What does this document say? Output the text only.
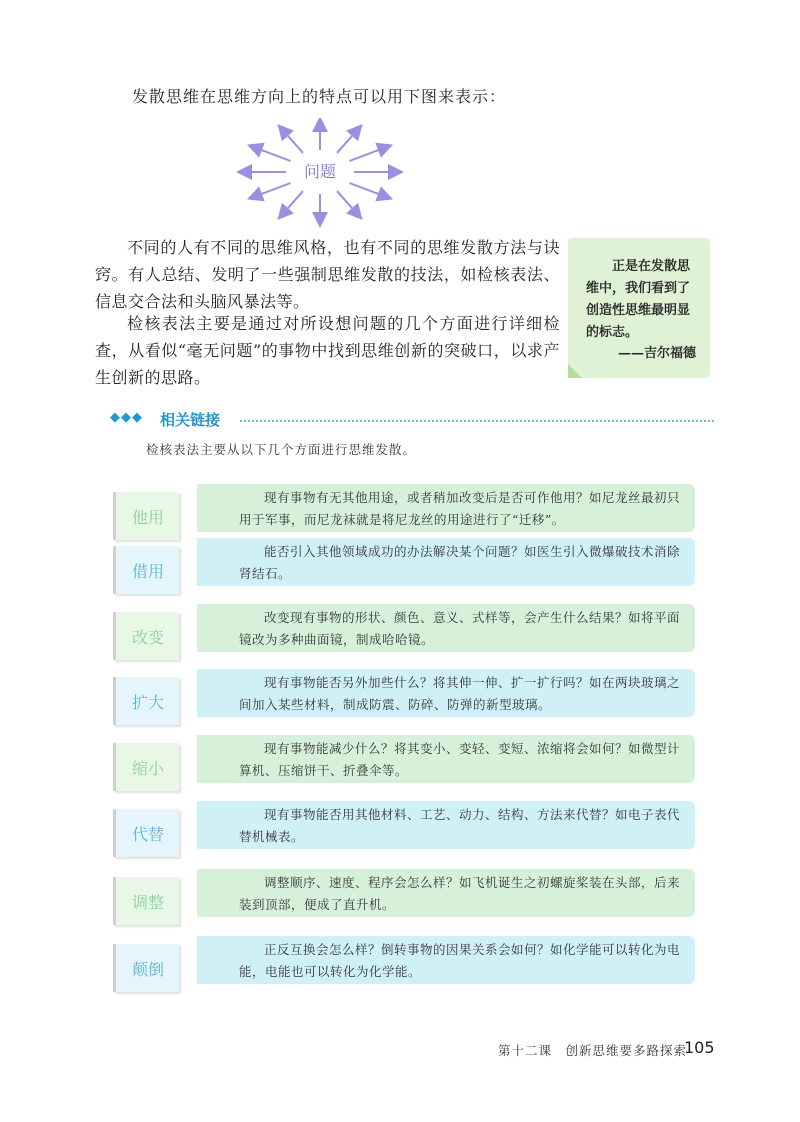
发散思维在思维方向上的特点可以用下图来表示：
问题

不同的人有不同的思维风格，也有不同的思维发散方法与诀窍。有人总结、发明了一些强制思维发散的技法，如检核表法、信息交合法和头脑风暴法等。

检核表法主要是通过对所设想问题的几个方面进行详细检查，从看似“毫无问题”的事物中找到思维创新的突破口，以求产生创新的思路。

正是在发散思维中，我们看到了创造性思维最明显的标志。

——吉尔福德
◆◆◆ 相关链接
检核表法主要从以下几个方面进行思维发散。
他用

现有事物有无其他用途，或者稍加改变后是否可作他用？如尼龙丝最初只用于军事，而尼龙袜就是将尼龙丝的用途进行了“迁移”。

借用

能否引入其他领域成功的办法解决某个问题？如医生引入微爆破技术消除肾结石。

改变

改变现有事物的形状、颜色、意义、式样等，会产生什么结果？如将平面镜改为多种曲面镜，制成哈哈镜。

扩大

现有事物能否另外加些什么？将其伸一伸、扩一扩行吗？如在两块玻璃之间加入某些材料，制成防震、防碎、防弹的新型玻璃。

缩小

现有事物能减少什么？将其变小、变轻、变短、浓缩将会如何？如微型计算机、压缩饼干、折叠伞等。

代替

现有事物能否用其他材料、工艺、动力、结构、方法来代替？如电子表代替机械表。

调整

调整顺序、速度、程序会怎么样？如飞机诞生之初螺旋桨装在头部，后来装到顶部，便成了直升机。

颠倒

正反互换会怎么样？倒转事物的因果关系会如何？如化学能可以转化为电能，电能也可以转化为化学能。

第十二课　创新思维要多路探索
105
